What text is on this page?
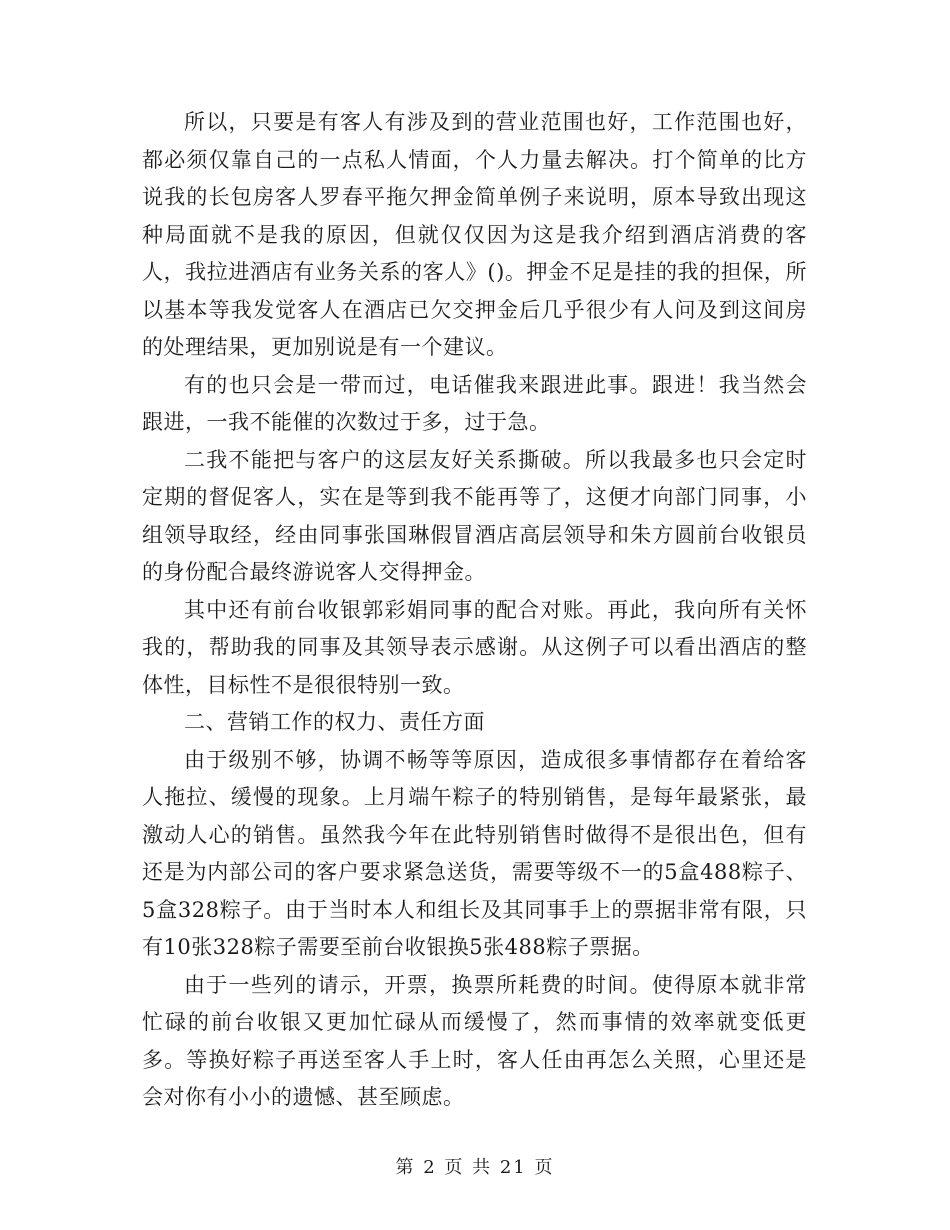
所以，只要是有客人有涉及到的营业范围也好，工作范围也好，都必须仅靠自己的一点私人情面，个人力量去解决。打个简单的比方说我的长包房客人罗春平拖欠押金简单例子来说明，原本导致出现这种局面就不是我的原因，但就仅仅因为这是我介绍到酒店消费的客人，我拉进酒店有业务关系的客人》()。押金不足是挂的我的担保，所以基本等我发觉客人在酒店已欠交押金后几乎很少有人问及到这间房的处理结果，更加别说是有一个建议。

有的也只会是一带而过，电话催我来跟进此事。跟进！我当然会跟进，一我不能催的次数过于多，过于急。

二我不能把与客户的这层友好关系撕破。所以我最多也只会定时定期的督促客人，实在是等到我不能再等了，这便才向部门同事，小组领导取经，经由同事张国琳假冒酒店高层领导和朱方圆前台收银员的身份配合最终游说客人交得押金。

其中还有前台收银郭彩娟同事的配合对账。再此，我向所有关怀我的，帮助我的同事及其领导表示感谢。从这例子可以看出酒店的整体性，目标性不是很很特别一致。

二、营销工作的权力、责任方面

由于级别不够，协调不畅等等原因，造成很多事情都存在着给客人拖拉、缓慢的现象。上月端午粽子的特别销售，是每年最紧张，最激动人心的销售。虽然我今年在此特别销售时做得不是很出色，但有还是为内部公司的客户要求紧急送货，需要等级不一的5盒488粽子、5盒328粽子。由于当时本人和组长及其同事手上的票据非常有限，只有10张328粽子需要至前台收银换5张488粽子票据。

由于一些列的请示，开票，换票所耗费的时间。使得原本就非常忙碌的前台收银又更加忙碌从而缓慢了，然而事情的效率就变低更多。等换好粽子再送至客人手上时，客人任由再怎么关照，心里还是会对你有小小的遗憾、甚至顾虑。

第 2 页 共 21 页
